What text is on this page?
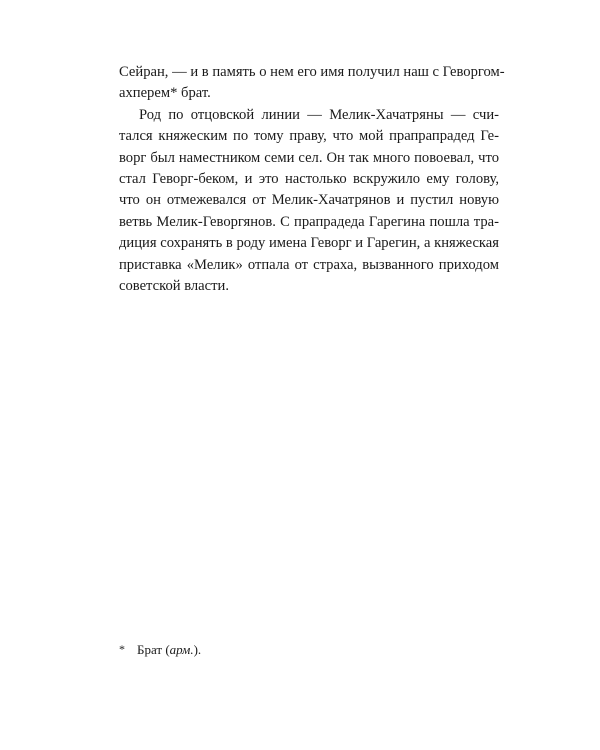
Сейран, — и в память о нем его имя получил наш с Геворгом-
ахперем* брат.
Род по отцовской линии — Мелик-Хачатряны — счи-
тался княжеским по тому праву, что мой прапрапрадед Ге-
ворг был наместником семи сел. Он так много повоевал, что
стал Геворг-беком, и это настолько вскружило ему голову,
что он отмежевался от Мелик-Хачатрянов и пустил новую
ветвь Мелик-Геворгянов. С прапрадеда Гарегина пошла тра-
диция сохранять в роду имена Геворг и Гарегин, а княжеская
приставка «Мелик» отпала от страха, вызванного приходом
советской власти.
* Брат (арм.).
